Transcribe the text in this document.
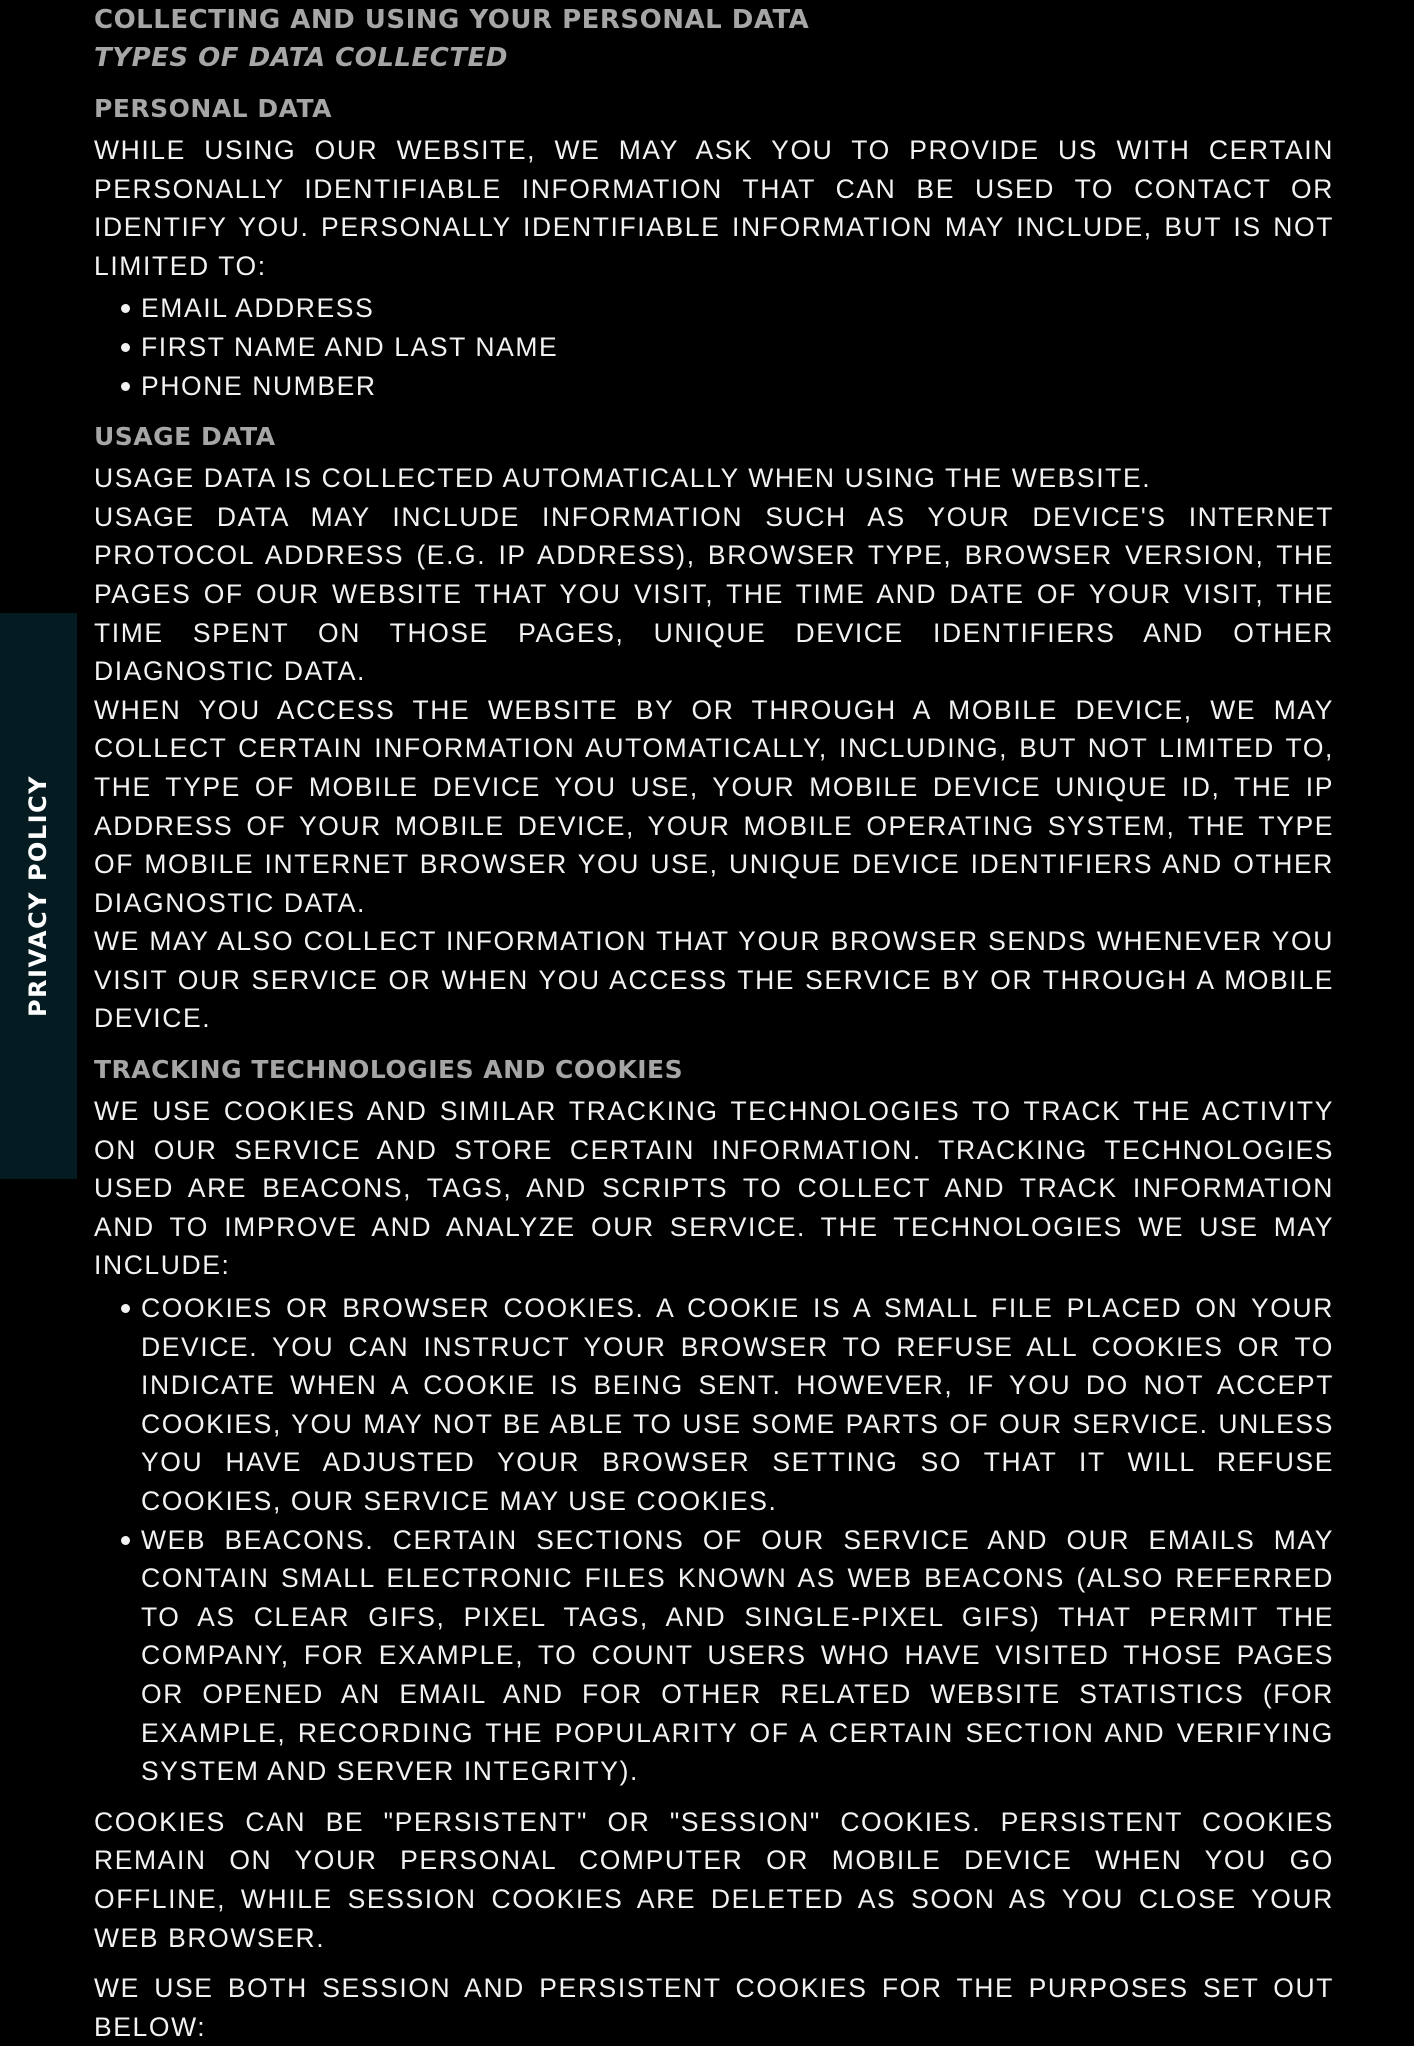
PRIVACY POLICY
COLLECTING AND USING YOUR PERSONAL DATA
TYPES OF DATA COLLECTED
PERSONAL DATA

WHILE USING OUR WEBSITE, WE MAY ASK YOU TO PROVIDE US WITH CERTAIN PERSONALLY IDENTIFIABLE INFORMATION THAT CAN BE USED TO CONTACT OR IDENTIFY YOU. PERSONALLY IDENTIFIABLE INFORMATION MAY INCLUDE, BUT IS NOT LIMITED TO:

EMAIL ADDRESS
FIRST NAME AND LAST NAME
PHONE NUMBER
USAGE DATA

USAGE DATA IS COLLECTED AUTOMATICALLY WHEN USING THE WEBSITE.

USAGE DATA MAY INCLUDE INFORMATION SUCH AS YOUR DEVICE'S INTERNET PROTOCOL ADDRESS (E.G. IP ADDRESS), BROWSER TYPE, BROWSER VERSION, THE PAGES OF OUR WEBSITE THAT YOU VISIT, THE TIME AND DATE OF YOUR VISIT, THE TIME SPENT ON THOSE PAGES, UNIQUE DEVICE IDENTIFIERS AND OTHER DIAGNOSTIC DATA.

WHEN YOU ACCESS THE WEBSITE BY OR THROUGH A MOBILE DEVICE, WE MAY COLLECT CERTAIN INFORMATION AUTOMATICALLY, INCLUDING, BUT NOT LIMITED TO, THE TYPE OF MOBILE DEVICE YOU USE, YOUR MOBILE DEVICE UNIQUE ID, THE IP ADDRESS OF YOUR MOBILE DEVICE, YOUR MOBILE OPERATING SYSTEM, THE TYPE OF MOBILE INTERNET BROWSER YOU USE, UNIQUE DEVICE IDENTIFIERS AND OTHER DIAGNOSTIC DATA.

WE MAY ALSO COLLECT INFORMATION THAT YOUR BROWSER SENDS WHENEVER YOU VISIT OUR SERVICE OR WHEN YOU ACCESS THE SERVICE BY OR THROUGH A MOBILE DEVICE.

TRACKING TECHNOLOGIES AND COOKIES

WE USE COOKIES AND SIMILAR TRACKING TECHNOLOGIES TO TRACK THE ACTIVITY ON OUR SERVICE AND STORE CERTAIN INFORMATION. TRACKING TECHNOLOGIES USED ARE BEACONS, TAGS, AND SCRIPTS TO COLLECT AND TRACK INFORMATION AND TO IMPROVE AND ANALYZE OUR SERVICE. THE TECHNOLOGIES WE USE MAY INCLUDE:

COOKIES OR BROWSER COOKIES. A COOKIE IS A SMALL FILE PLACED ON YOUR DEVICE. YOU CAN INSTRUCT YOUR BROWSER TO REFUSE ALL COOKIES OR TO INDICATE WHEN A COOKIE IS BEING SENT. HOWEVER, IF YOU DO NOT ACCEPT COOKIES, YOU MAY NOT BE ABLE TO USE SOME PARTS OF OUR SERVICE. UNLESS YOU HAVE ADJUSTED YOUR BROWSER SETTING SO THAT IT WILL REFUSE COOKIES, OUR SERVICE MAY USE COOKIES.
WEB BEACONS. CERTAIN SECTIONS OF OUR SERVICE AND OUR EMAILS MAY CONTAIN SMALL ELECTRONIC FILES KNOWN AS WEB BEACONS (ALSO REFERRED TO AS CLEAR GIFS, PIXEL TAGS, AND SINGLE-PIXEL GIFS) THAT PERMIT THE COMPANY, FOR EXAMPLE, TO COUNT USERS WHO HAVE VISITED THOSE PAGES OR OPENED AN EMAIL AND FOR OTHER RELATED WEBSITE STATISTICS (FOR EXAMPLE, RECORDING THE POPULARITY OF A CERTAIN SECTION AND VERIFYING SYSTEM AND SERVER INTEGRITY).

COOKIES CAN BE "PERSISTENT" OR "SESSION" COOKIES. PERSISTENT COOKIES REMAIN ON YOUR PERSONAL COMPUTER OR MOBILE DEVICE WHEN YOU GO OFFLINE, WHILE SESSION COOKIES ARE DELETED AS SOON AS YOU CLOSE YOUR WEB BROWSER.

WE USE BOTH SESSION AND PERSISTENT COOKIES FOR THE PURPOSES SET OUT BELOW:
